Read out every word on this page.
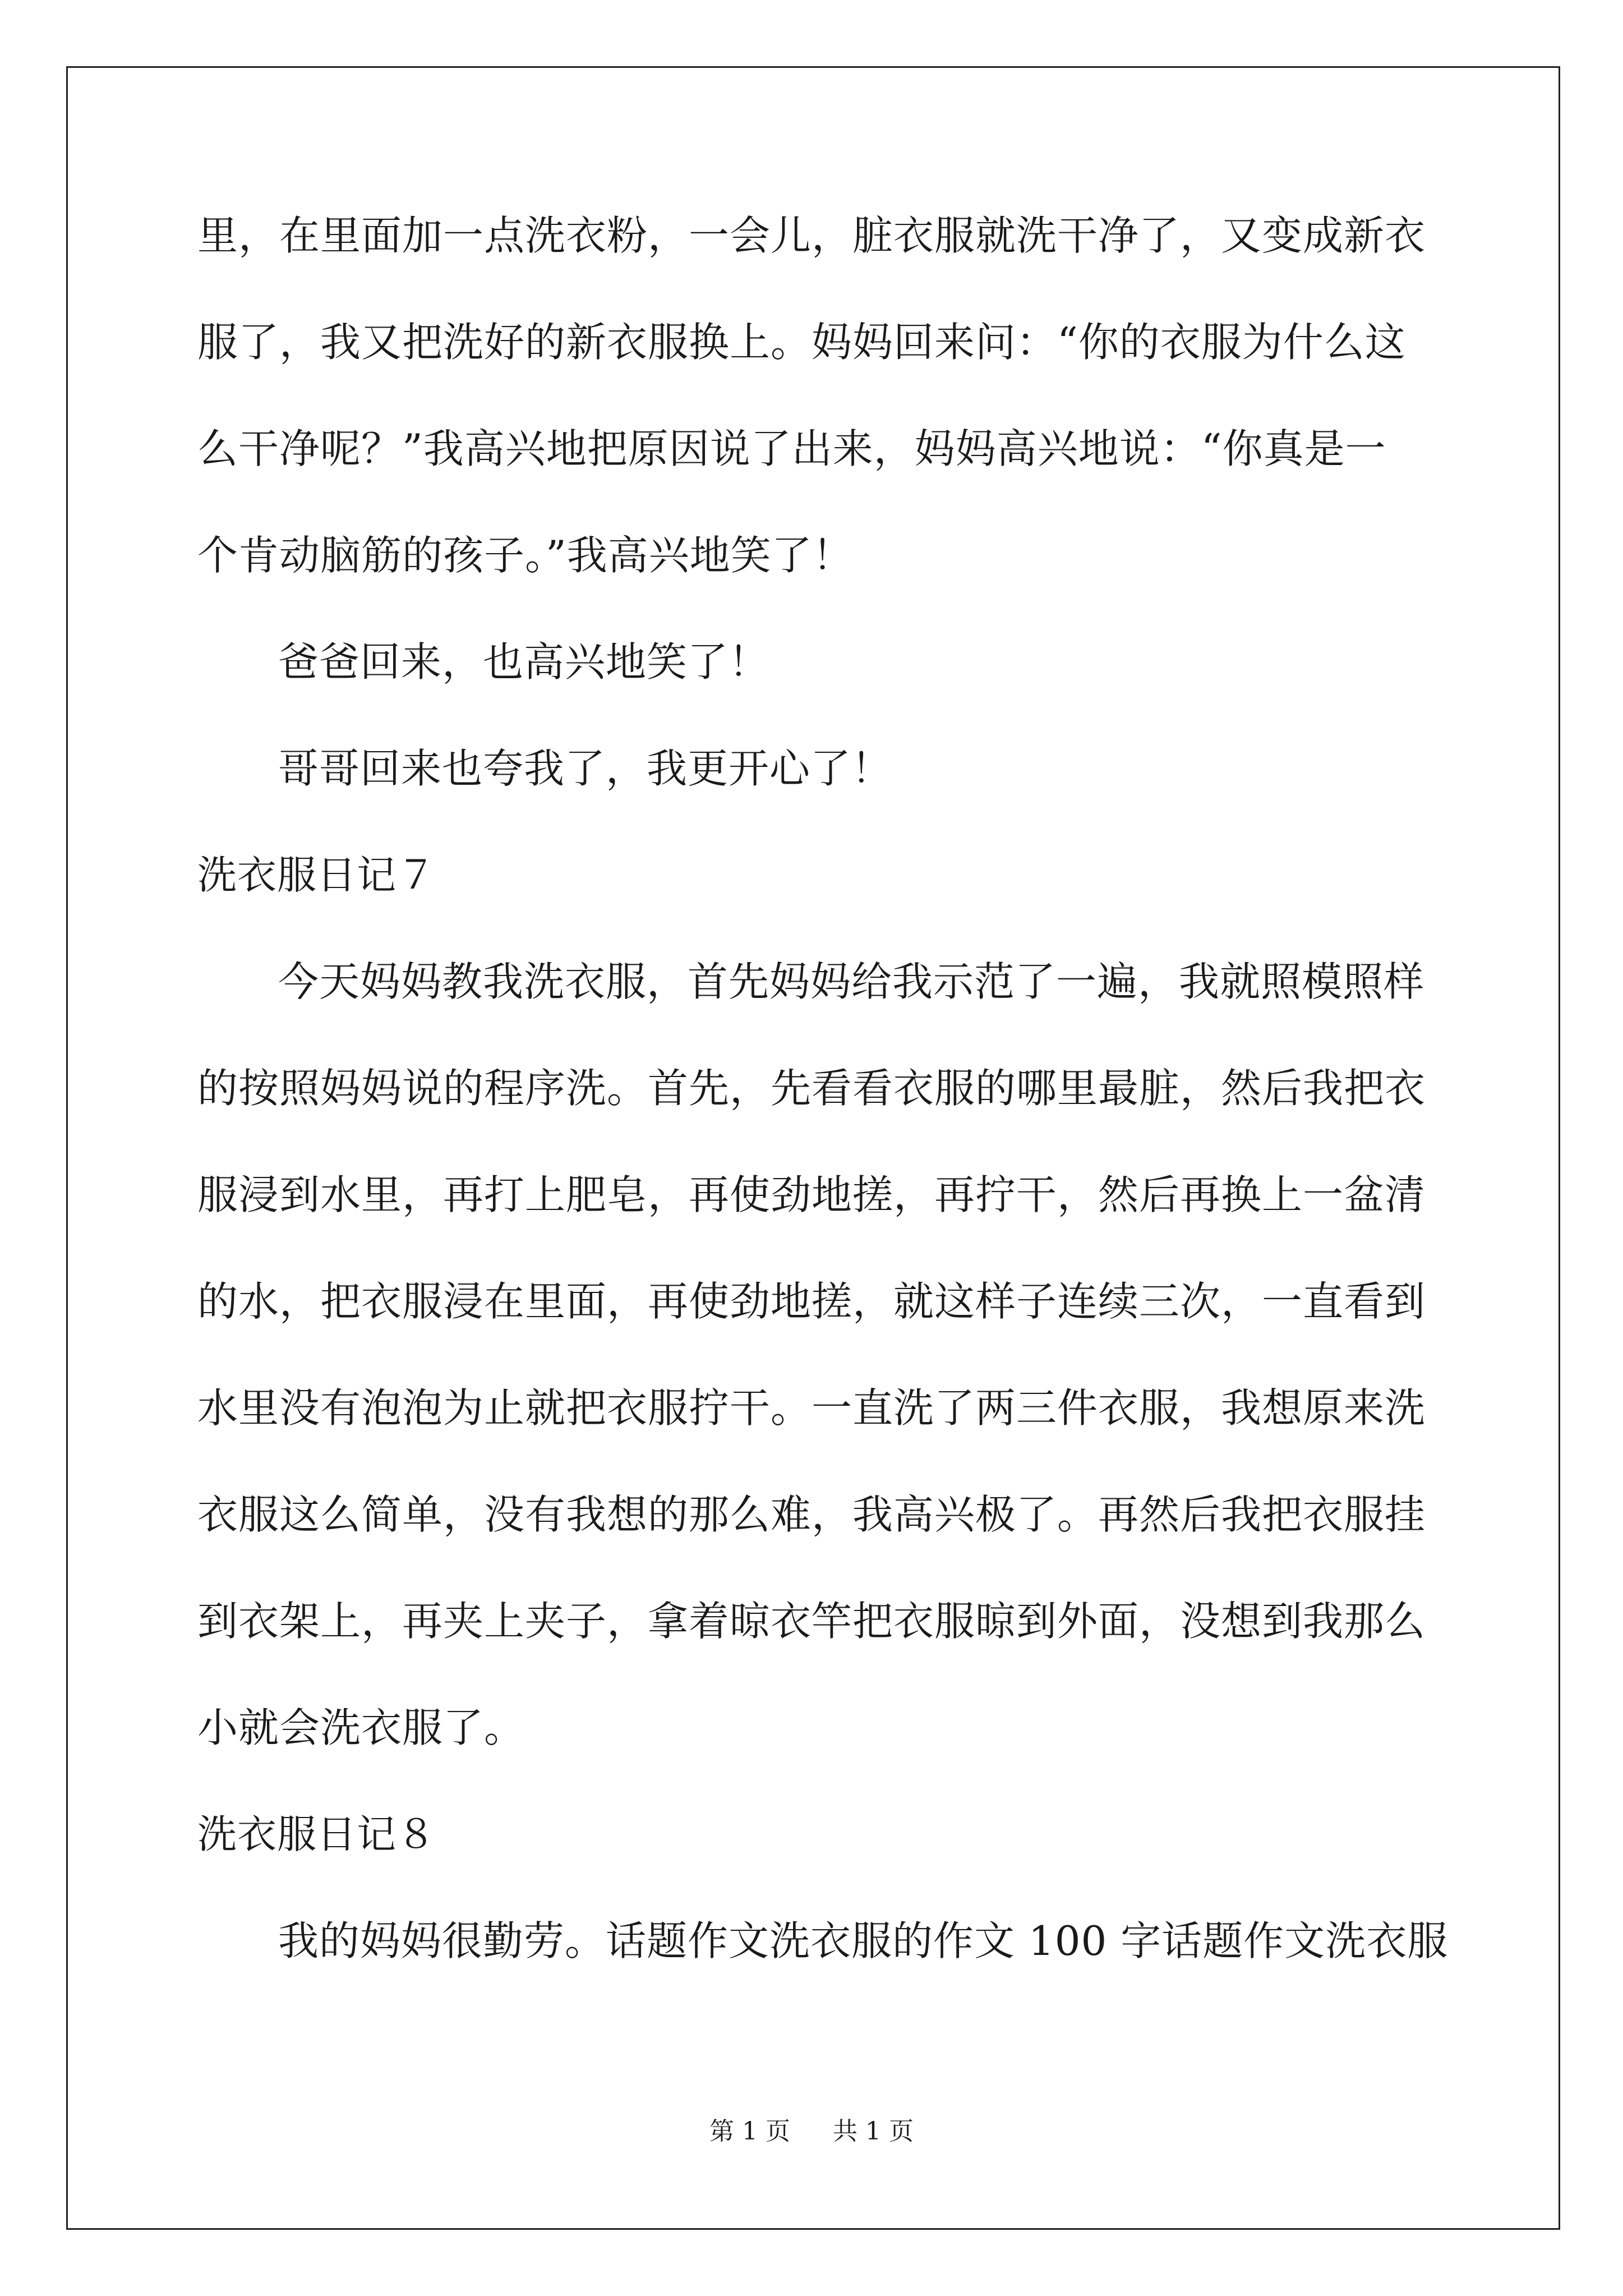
里，在里面加一点洗衣粉，一会儿，脏衣服就洗干净了，又变成新衣
服了，我又把洗好的新衣服换上。妈妈回来问：“你的衣服为什么这
么干净呢？”我高兴地把原因说了出来，妈妈高兴地说：“你真是一
个肯动脑筋的孩子。”我高兴地笑了！
爸爸回来，也高兴地笑了！
哥哥回来也夸我了，我更开心了！
洗衣服日记７
今天妈妈教我洗衣服，首先妈妈给我示范了一遍，我就照模照样
的按照妈妈说的程序洗。首先，先看看衣服的哪里最脏，然后我把衣
服浸到水里，再打上肥皂，再使劲地搓，再拧干，然后再换上一盆清
的水，把衣服浸在里面，再使劲地搓，就这样子连续三次，一直看到
水里没有泡泡为止就把衣服拧干。一直洗了两三件衣服，我想原来洗
衣服这么简单，没有我想的那么难，我高兴极了。再然后我把衣服挂
到衣架上，再夹上夹子，拿着晾衣竿把衣服晾到外面，没想到我那么
小就会洗衣服了。
洗衣服日记８
我的妈妈很勤劳。话题作文洗衣服的作文 100 字话题作文洗衣服
第 1 页 共 1 页
